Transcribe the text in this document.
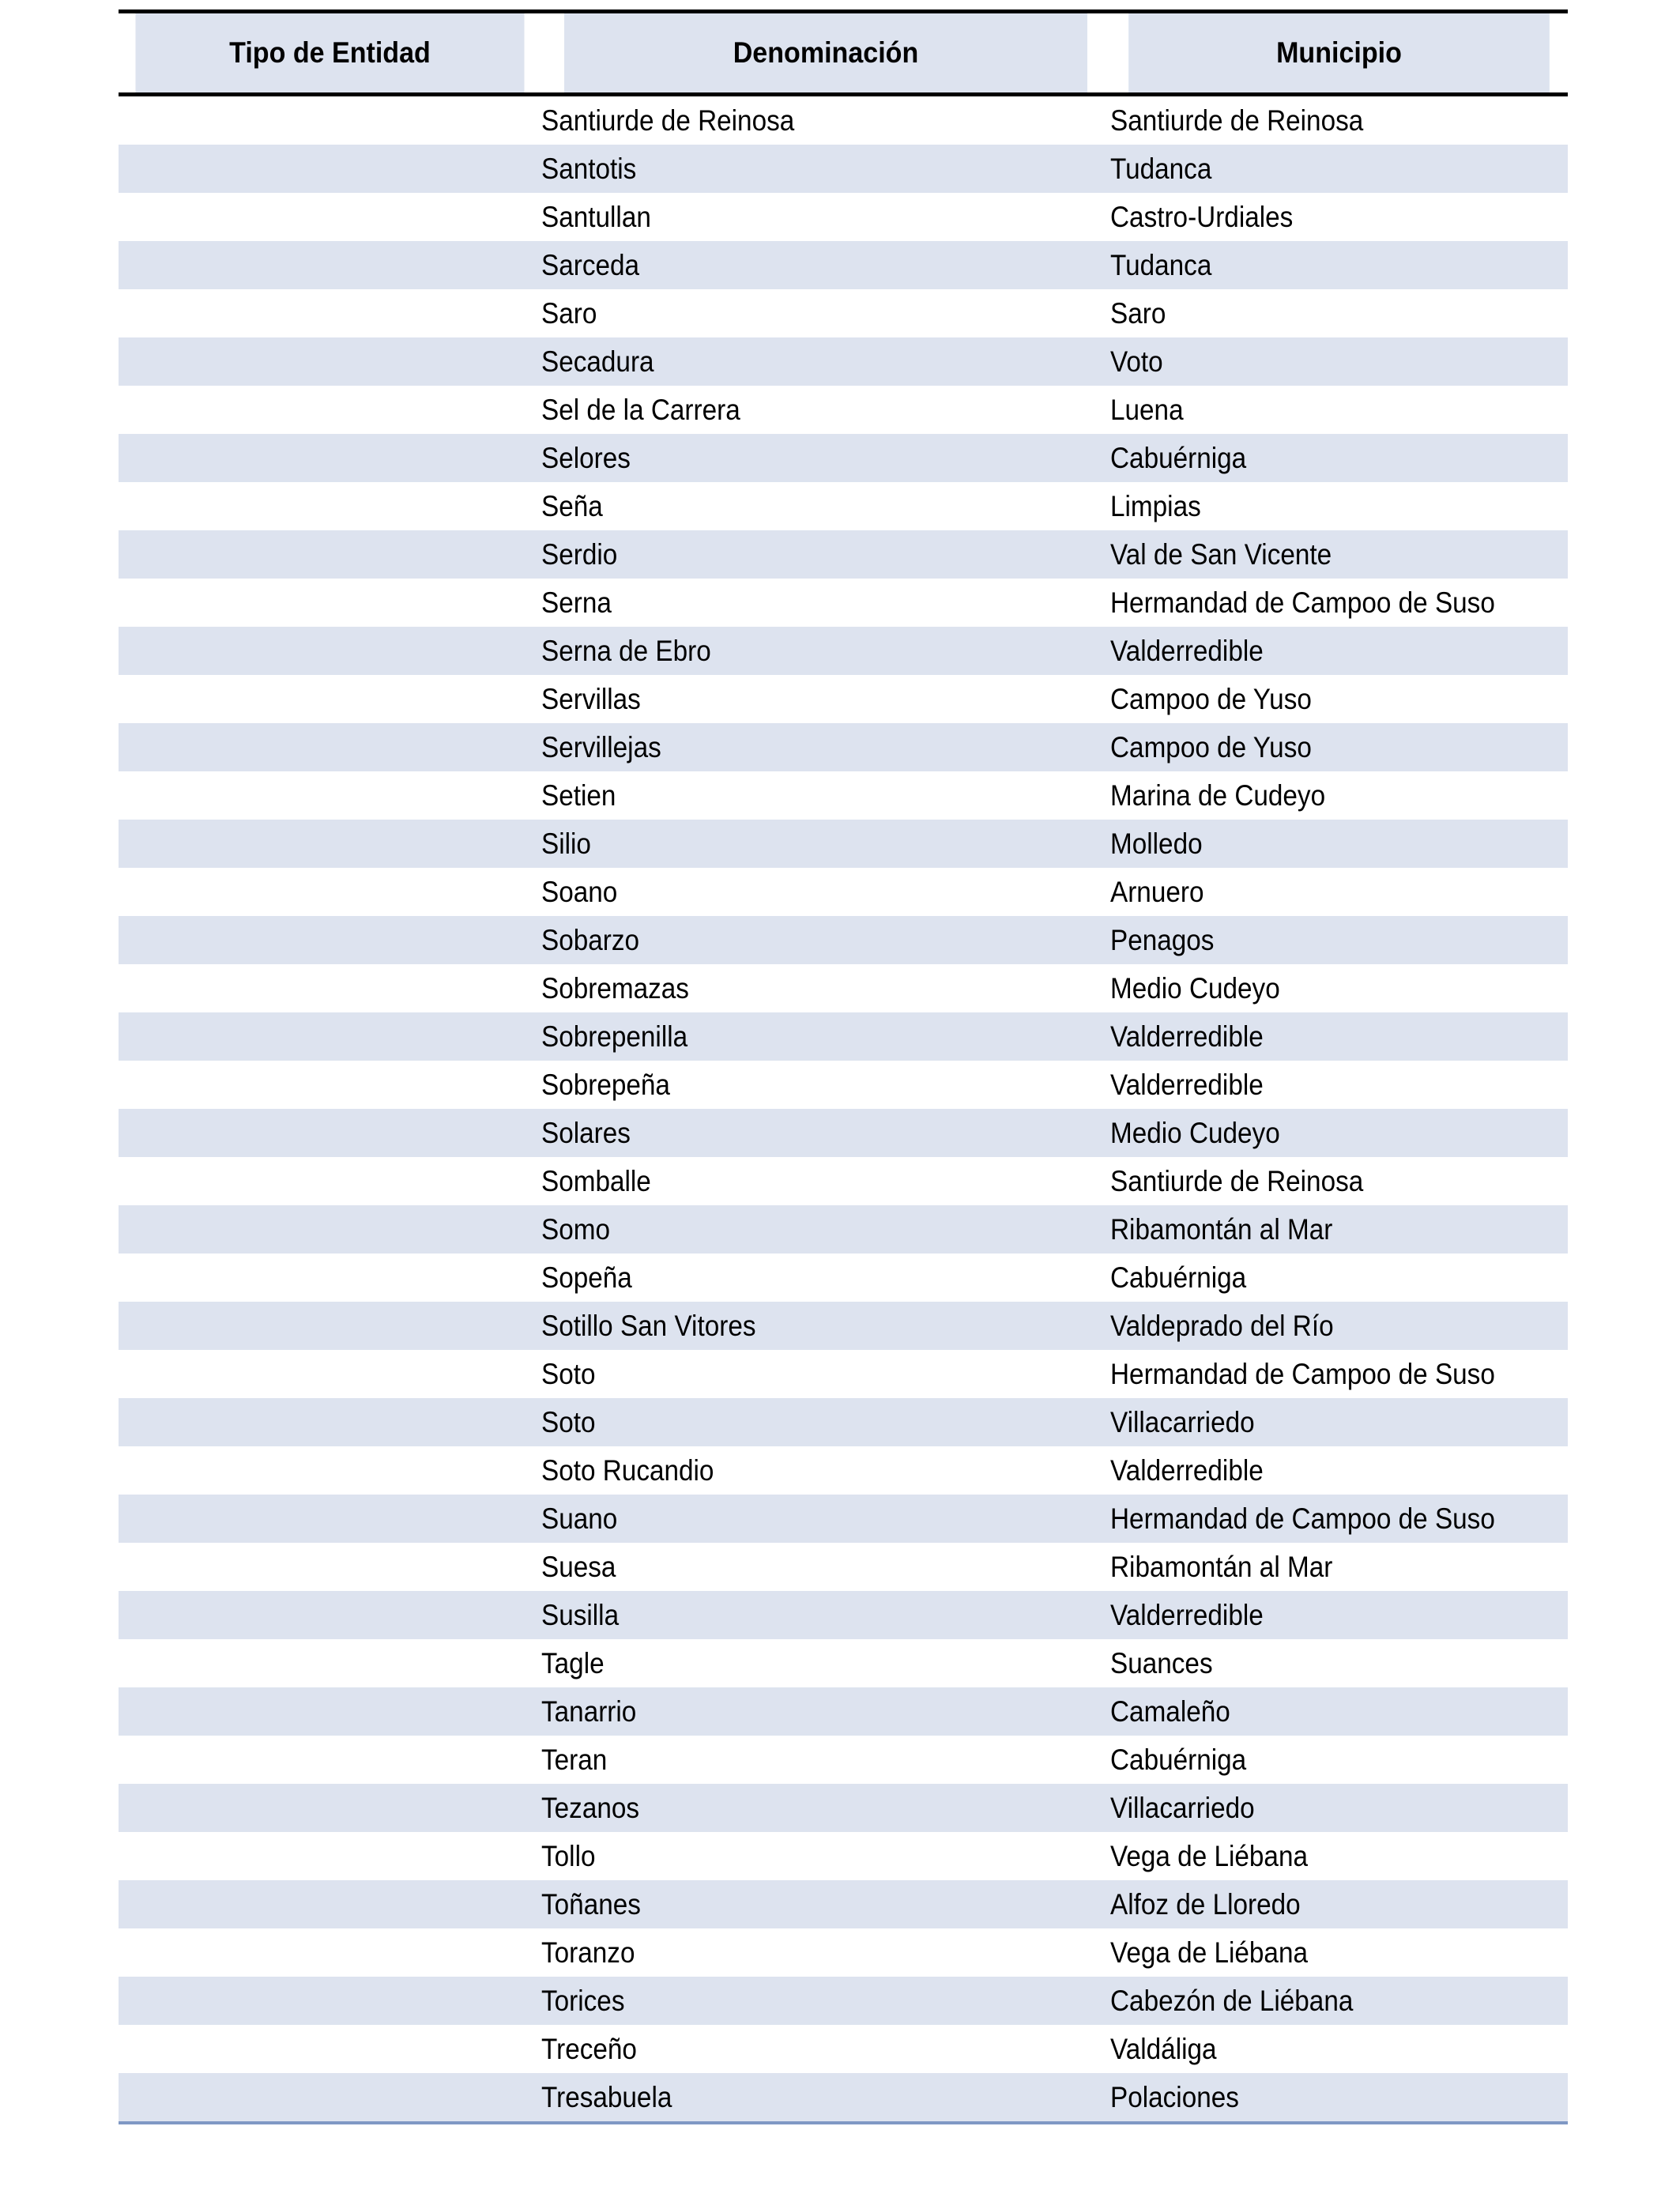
Tipo de Entidad	Denominación	Municipio
	Santiurde de Reinosa	Santiurde de Reinosa
	Santotis	Tudanca
	Santullan	Castro-Urdiales
	Sarceda	Tudanca
	Saro	Saro
	Secadura	Voto
	Sel de la Carrera	Luena
	Selores	Cabuérniga
	Seña	Limpias
	Serdio	Val de San Vicente
	Serna	Hermandad de Campoo de Suso
	Serna de Ebro	Valderredible
	Servillas	Campoo de Yuso
	Servillejas	Campoo de Yuso
	Setien	Marina de Cudeyo
	Silio	Molledo
	Soano	Arnuero
	Sobarzo	Penagos
	Sobremazas	Medio Cudeyo
	Sobrepenilla	Valderredible
	Sobrepeña	Valderredible
	Solares	Medio Cudeyo
	Somballe	Santiurde de Reinosa
	Somo	Ribamontán al Mar
	Sopeña	Cabuérniga
	Sotillo San Vitores	Valdeprado del Río
	Soto	Hermandad de Campoo de Suso
	Soto	Villacarriedo
	Soto Rucandio	Valderredible
	Suano	Hermandad de Campoo de Suso
	Suesa	Ribamontán al Mar
	Susilla	Valderredible
	Tagle	Suances
	Tanarrio	Camaleño
	Teran	Cabuérniga
	Tezanos	Villacarriedo
	Tollo	Vega de Liébana
	Toñanes	Alfoz de Lloredo
	Toranzo	Vega de Liébana
	Torices	Cabezón de Liébana
	Treceño	Valdáliga
	Tresabuela	Polaciones
